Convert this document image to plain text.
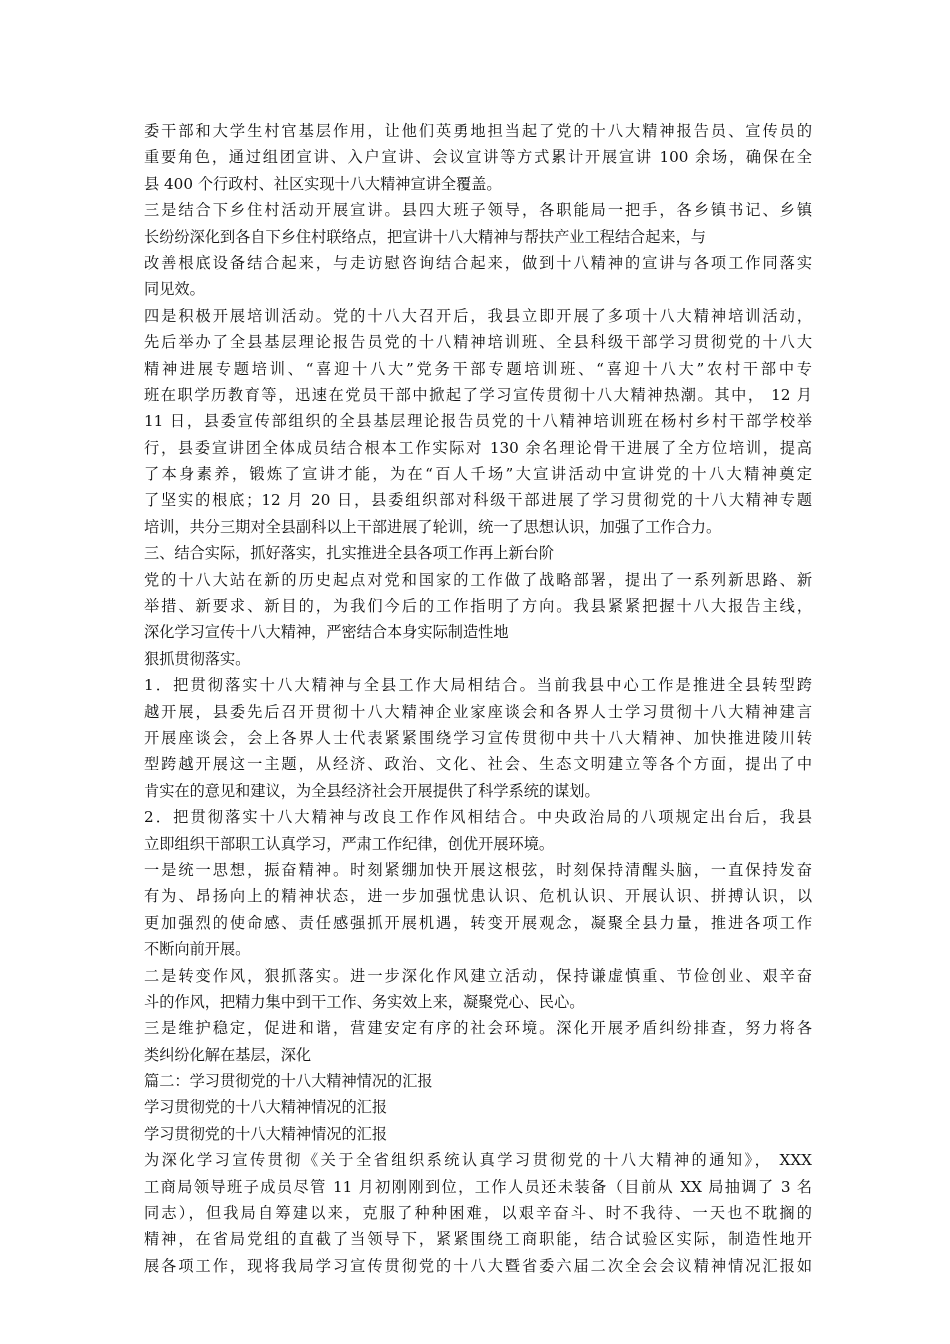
委干部和大学生村官基层作用，让他们英勇地担当起了党的十八大精神报告员、宣传员的
重要角色，通过组团宣讲、入户宣讲、会议宣讲等方式累计开展宣讲 100 余场，确保在全
县 400 个行政村、社区实现十八大精神宣讲全覆盖。
三是结合下乡住村活动开展宣讲。县四大班子领导，各职能局一把手，各乡镇书记、乡镇
长纷纷深化到各自下乡住村联络点，把宣讲十八大精神与帮扶产业工程结合起来，与
改善根底设备结合起来，与走访慰咨询结合起来，做到十八精神的宣讲与各项工作同落实
同见效。
四是积极开展培训活动。党的十八大召开后，我县立即开展了多项十八大精神培训活动，
先后举办了全县基层理论报告员党的十八精神培训班、全县科级干部学习贯彻党的十八大
精神进展专题培训、“喜迎十八大”党务干部专题培训班、“喜迎十八大”农村干部中专
班在职学历教育等，迅速在党员干部中掀起了学习宣传贯彻十八大精神热潮。其中， 12 月
11 日，县委宣传部组织的全县基层理论报告员党的十八精神培训班在杨村乡村干部学校举
行，县委宣讲团全体成员结合根本工作实际对 130 余名理论骨干进展了全方位培训，提高
了本身素养，锻炼了宣讲才能，为在“百人千场”大宣讲活动中宣讲党的十八大精神奠定
了坚实的根底；12 月 20 日，县委组织部对科级干部进展了学习贯彻党的十八大精神专题
培训，共分三期对全县副科以上干部进展了轮训，统一了思想认识，加强了工作合力。
三、结合实际，抓好落实，扎实推进全县各项工作再上新台阶
党的十八大站在新的历史起点对党和国家的工作做了战略部署，提出了一系列新思路、新
举措、新要求、新目的，为我们今后的工作指明了方向。我县紧紧把握十八大报告主线，
深化学习宣传十八大精神，严密结合本身实际制造性地
狠抓贯彻落实。
1．把贯彻落实十八大精神与全县工作大局相结合。当前我县中心工作是推进全县转型跨
越开展，县委先后召开贯彻十八大精神企业家座谈会和各界人士学习贯彻十八大精神建言
开展座谈会，会上各界人士代表紧紧围绕学习宣传贯彻中共十八大精神、加快推进陵川转
型跨越开展这一主题，从经济、政治、文化、社会、生态文明建立等各个方面，提出了中
肯实在的意见和建议，为全县经济社会开展提供了科学系统的谋划。
2．把贯彻落实十八大精神与改良工作作风相结合。中央政治局的八项规定出台后，我县
立即组织干部职工认真学习，严肃工作纪律，创优开展环境。
一是统一思想，振奋精神。时刻紧绷加快开展这根弦，时刻保持清醒头脑，一直保持发奋
有为、昂扬向上的精神状态，进一步加强忧患认识、危机认识、开展认识、拼搏认识，以
更加强烈的使命感、责任感强抓开展机遇，转变开展观念，凝聚全县力量，推进各项工作
不断向前开展。
二是转变作风，狠抓落实。进一步深化作风建立活动，保持谦虚慎重、节俭创业、艰辛奋
斗的作风，把精力集中到干工作、务实效上来，凝聚党心、民心。
三是维护稳定，促进和谐，营建安定有序的社会环境。深化开展矛盾纠纷排查，努力将各
类纠纷化解在基层，深化
篇二：学习贯彻党的十八大精神情况的汇报
学习贯彻党的十八大精神情况的汇报
学习贯彻党的十八大精神情况的汇报
为深化学习宣传贯彻《关于全省组织系统认真学习贯彻党的十八大精神的通知》， XXX
工商局领导班子成员尽管 11 月初刚刚到位，工作人员还未装备（目前从 XX 局抽调了 3 名
同志），但我局自筹建以来，克服了种种困难，以艰辛奋斗、时不我待、一天也不耽搁的
精神，在省局党组的直截了当领导下，紧紧围绕工商职能，结合试验区实际，制造性地开
展各项工作，现将我局学习宣传贯彻党的十八大暨省委六届二次全会会议精神情况汇报如
